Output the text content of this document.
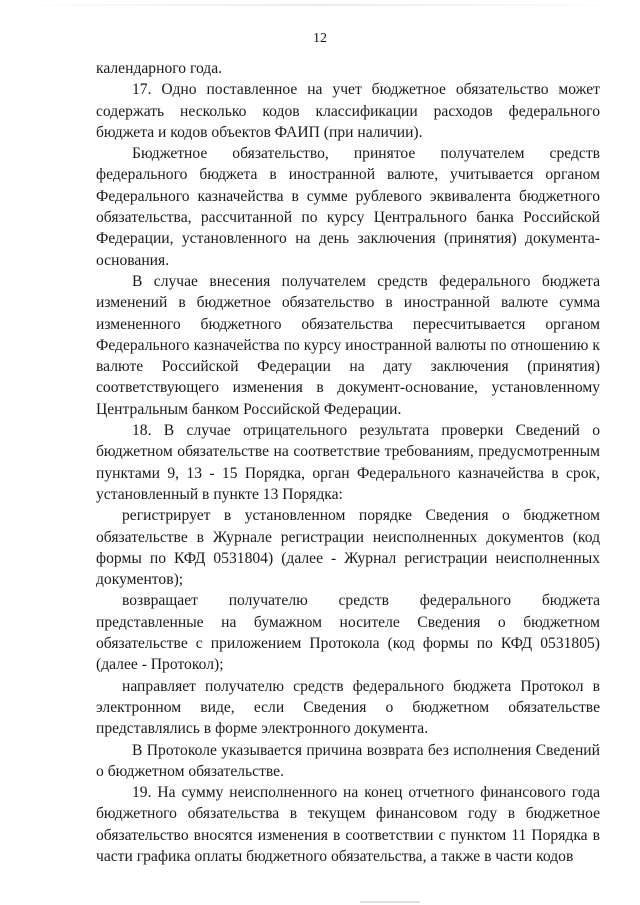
12

календарного года.

17. Одно поставленное на учет бюджетное обязательство может содержать несколько кодов классификации расходов федерального бюджета и кодов объектов ФАИП (при наличии).

Бюджетное обязательство, принятое получателем средств федерального бюджета в иностранной валюте, учитывается органом Федерального казначейства в сумме рублевого эквивалента бюджетного обязательства, рассчитанной по курсу Центрального банка Российской Федерации, установленного на день заключения (принятия) документа-основания.

В случае внесения получателем средств федерального бюджета изменений в бюджетное обязательство в иностранной валюте сумма измененного бюджетного обязательства пересчитывается органом Федерального казначейства по курсу иностранной валюты по отношению к валюте Российской Федерации на дату заключения (принятия) соответствующего изменения в документ-основание, установленному Центральным банком Российской Федерации.

18. В случае отрицательного результата проверки Сведений о бюджетном обязательстве на соответствие требованиям, предусмотренным пунктами 9, 13 - 15 Порядка, орган Федерального казначейства в срок, установленный в пункте 13 Порядка:

регистрирует в установленном порядке Сведения о бюджетном обязательстве в Журнале регистрации неисполненных документов (код формы по КФД 0531804) (далее - Журнал регистрации неисполненных документов);

возвращает получателю средств федерального бюджета представленные на бумажном носителе Сведения о бюджетном обязательстве с приложением Протокола (код формы по КФД 0531805) (далее - Протокол);

направляет получателю средств федерального бюджета Протокол в электронном виде, если Сведения о бюджетном обязательстве представлялись в форме электронного документа.

В Протоколе указывается причина возврата без исполнения Сведений о бюджетном обязательстве.

19. На сумму неисполненного на конец отчетного финансового года бюджетного обязательства в текущем финансовом году в бюджетное обязательство вносятся изменения в соответствии с пунктом 11 Порядка в части графика оплаты бюджетного обязательства, а также в части кодов
